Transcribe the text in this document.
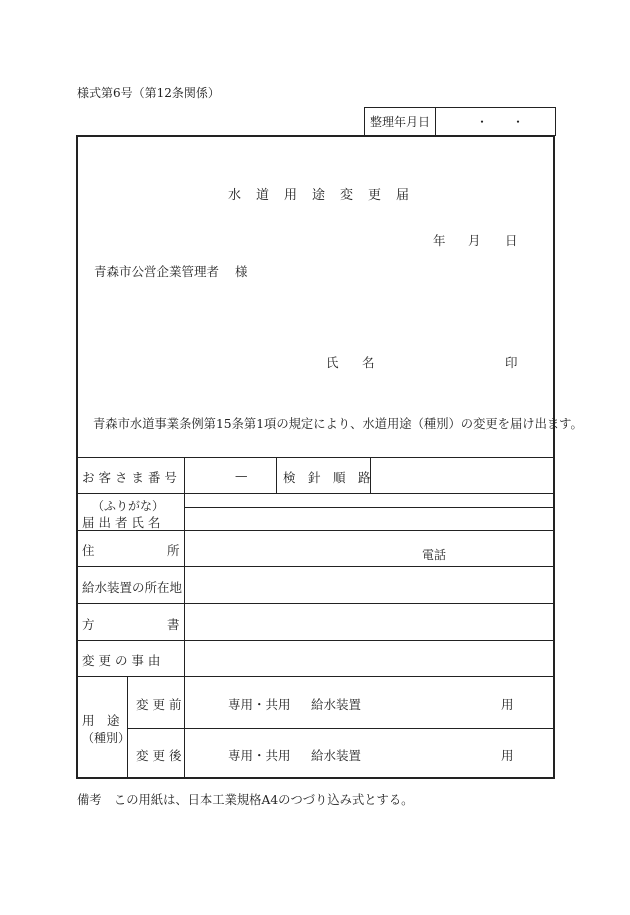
様式第6号（第12条関係）
整理年月日	・　　・
水 道 用 途 変 更 届
年 月 日
青森市公営企業管理者 様
氏 名	印
青森市水道事業条例第15条第1項の規定により、水道用途（種別）の変更を届け出ます。
お 客 さ ま 番 号	—	検　針　順　路
（ふりがな）
届 出 者 氏 名
住	所	電話
給水装置の所在地
方	書
変 更 の 事 由
用 途
（種別）
変 更 前	専用・共用 給水装置	用
変 更 後	専用・共用 給水装置	用
備考　この用紙は、日本工業規格A4のつづり込み式とする。
